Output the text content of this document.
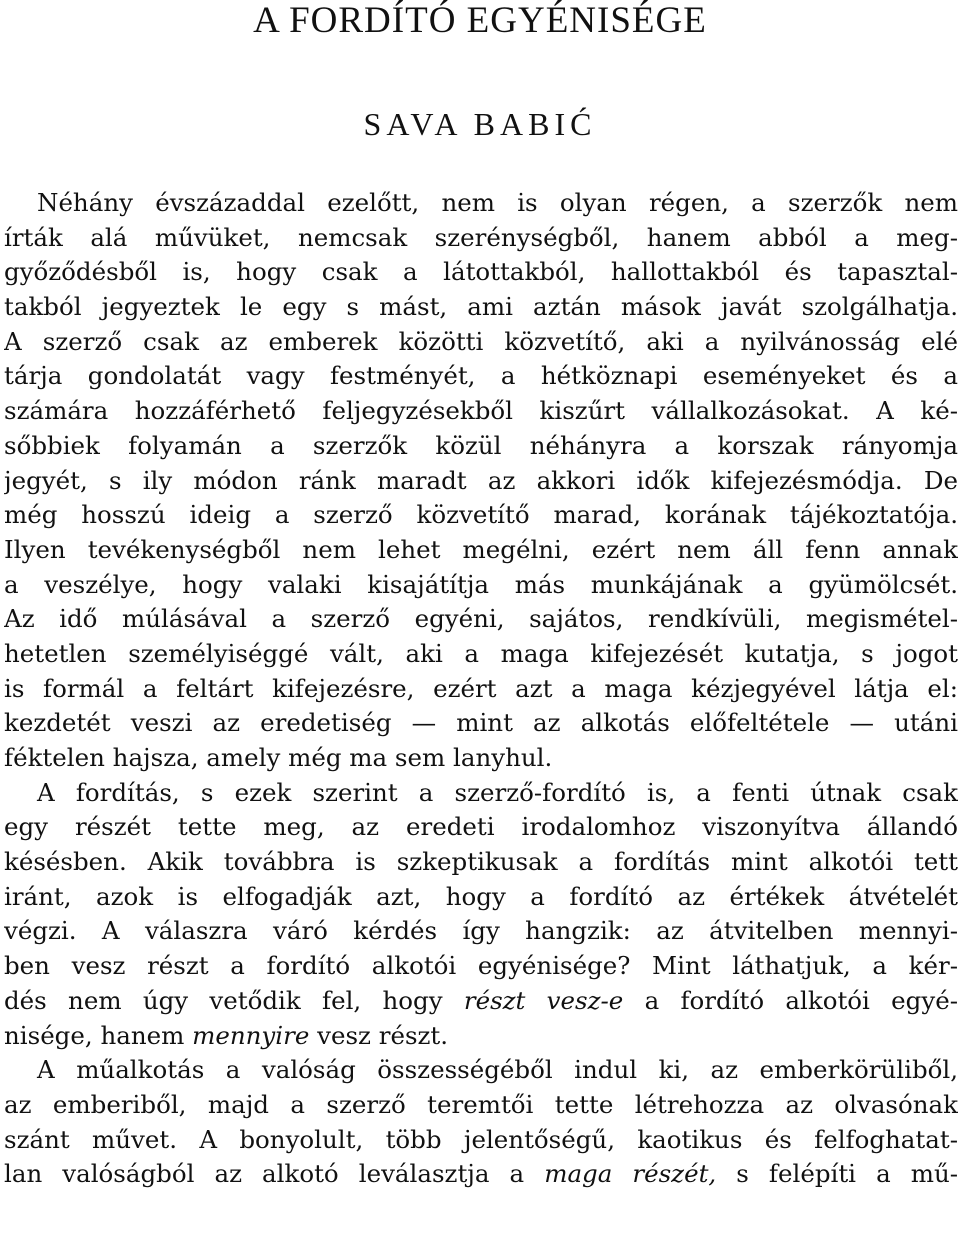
A FORDÍTÓ EGYÉNISÉGE
SAVA BABIĆ
Néhány évszázaddal ezelőtt, nem is olyan régen, a szerzők nem
írták alá művüket, nemcsak szerénységből, hanem abból a meg-
győződésből is, hogy csak a látottakból, hallottakból és tapasztal-
takból jegyeztek le egy s mást, ami aztán mások javát szolgálhatja.
A szerző csak az emberek közötti közvetítő, aki a nyilvánosság elé
tárja gondolatát vagy festményét, a hétköznapi eseményeket és a
számára hozzáférhető feljegyzésekből kiszűrt vállalkozásokat. A ké-
sőbbiek folyamán a szerzők közül néhányra a korszak rányomja
jegyét, s ily módon ránk maradt az akkori idők kifejezésmódja. De
még hosszú ideig a szerző közvetítő marad, korának tájékoztatója.
Ilyen tevékenységből nem lehet megélni, ezért nem áll fenn annak
a veszélye, hogy valaki kisajátítja más munkájának a gyümölcsét.
Az idő múlásával a szerző egyéni, sajátos, rendkívüli, megismétel-
hetetlen személyiséggé vált, aki a maga kifejezését kutatja, s jogot
is formál a feltárt kifejezésre, ezért azt a maga kézjegyével látja el:
kezdetét veszi az eredetiség — mint az alkotás előfeltétele — utáni
féktelen hajsza, amely még ma sem lanyhul.
A fordítás, s ezek szerint a szerző-fordító is, a fenti útnak csak
egy részét tette meg, az eredeti irodalomhoz viszonyítva állandó
késésben. Akik továbbra is szkeptikusak a fordítás mint alkotói tett
iránt, azok is elfogadják azt, hogy a fordító az értékek átvételét
végzi. A válaszra váró kérdés így hangzik: az átvitelben mennyi-
ben vesz részt a fordító alkotói egyénisége? Mint láthatjuk, a kér-
dés nem úgy vetődik fel, hogy részt vesz-e a fordító alkotói egyé-
nisége, hanem mennyire vesz részt.
A műalkotás a valóság összességéből indul ki, az emberkörüliből,
az emberiből, majd a szerző teremtői tette létrehozza az olvasónak
szánt művet. A bonyolult, több jelentőségű, kaotikus és felfoghatat-
lan valóságból az alkotó leválasztja a maga részét, s felépíti a mű-
